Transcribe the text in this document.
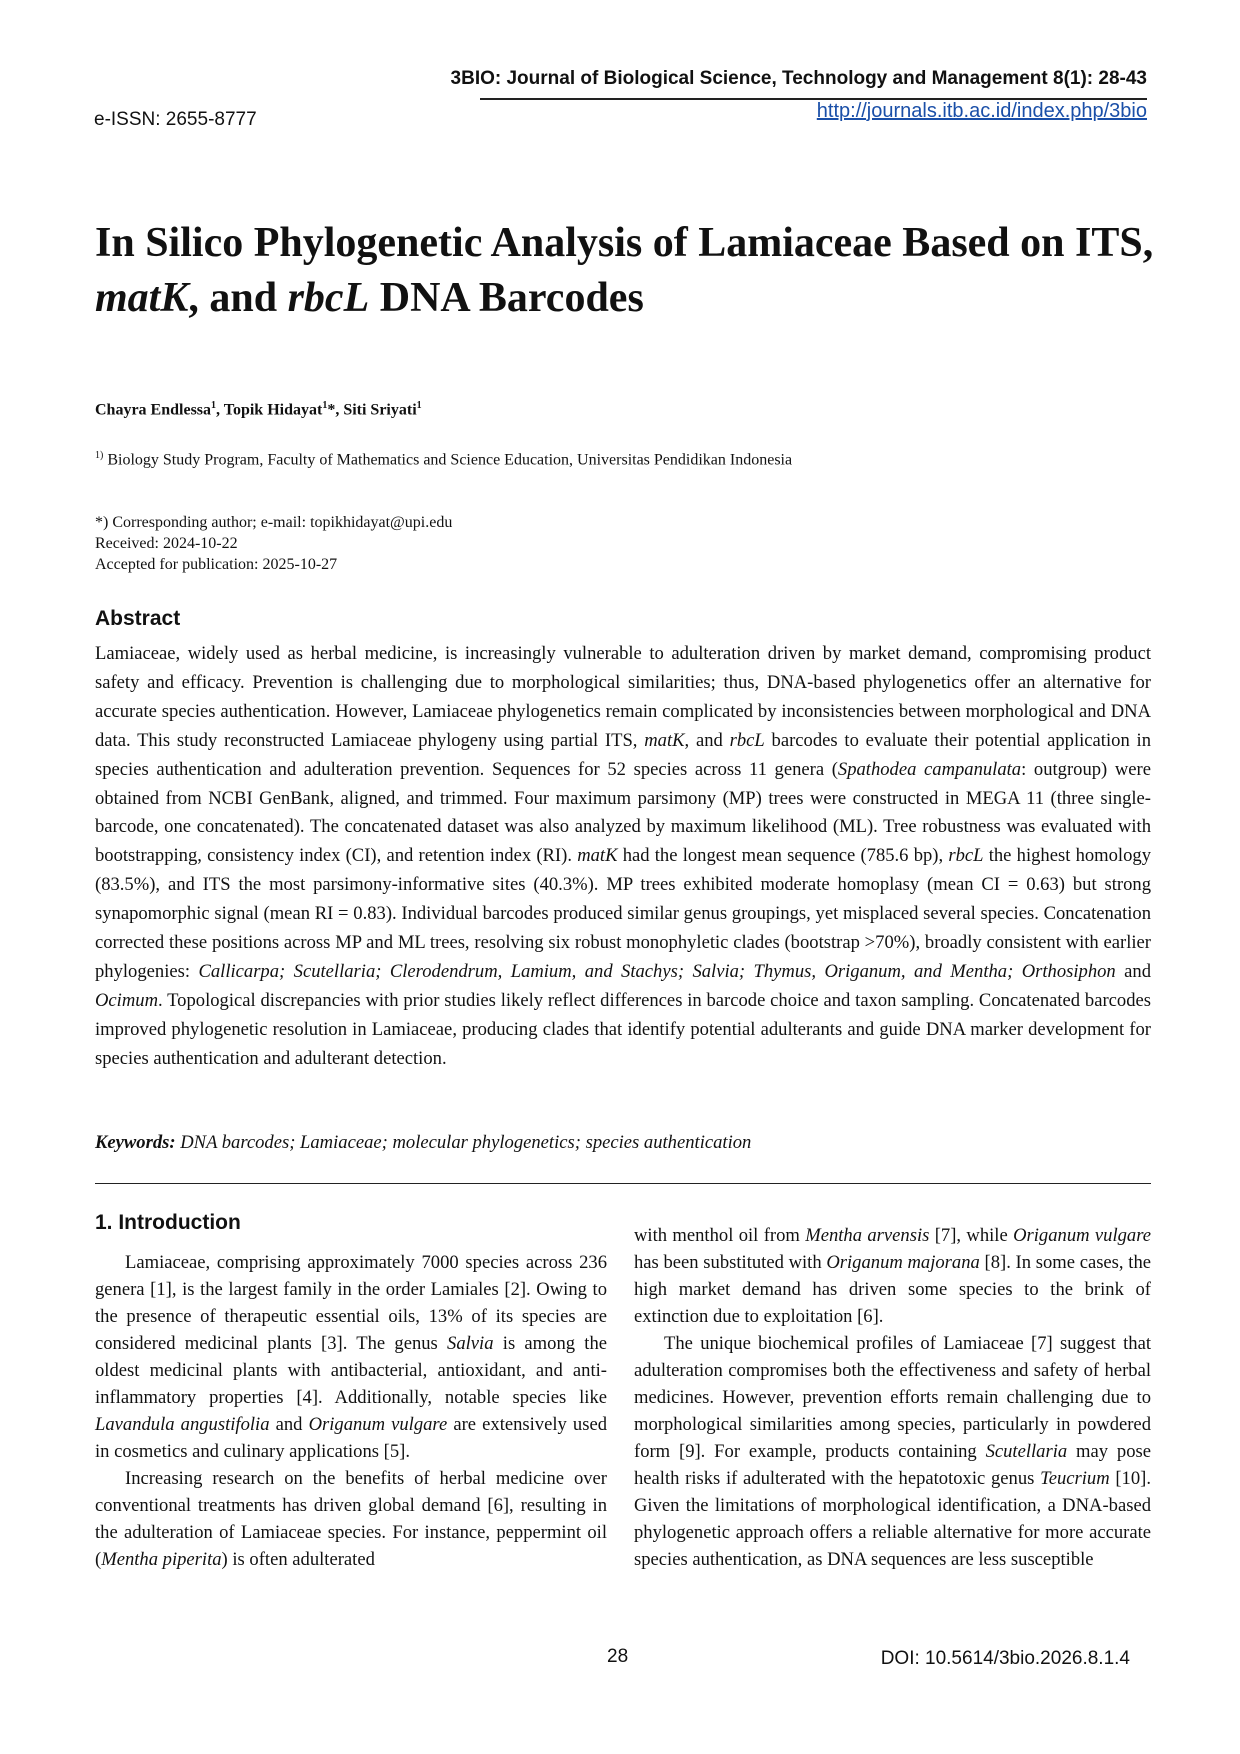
3BIO: Journal of Biological Science, Technology and Management 8(1): 28-43
e-ISSN: 2655-8777	http://journals.itb.ac.id/index.php/3bio
In Silico Phylogenetic Analysis of Lamiaceae Based on ITS, matK, and rbcL DNA Barcodes
Chayra Endlessa$^1$, Topik Hidayat$^1$*, Siti Sriyati$^1$
$^{1)}$ Biology Study Program, Faculty of Mathematics and Science Education, Universitas Pendidikan Indonesia
*) Corresponding author; e-mail: topikhidayat@upi.edu
Received: 2024-10-22
Accepted for publication: 2025-10-27
Abstract

Lamiaceae, widely used as herbal medicine, is increasingly vulnerable to adulteration driven by market demand, compromising product safety and efficacy. Prevention is challenging due to morphological similarities; thus, DNA-based phylogenetics offer an alternative for accurate species authentication. However, Lamiaceae phylogenetics remain complicated by inconsistencies between morphological and DNA data. This study reconstructed Lamiaceae phylogeny using partial ITS, matK, and rbcL barcodes to evaluate their potential application in species authentication and adulteration prevention. Sequences for 52 species across 11 genera (Spathodea campanulata: outgroup) were obtained from NCBI GenBank, aligned, and trimmed. Four maximum parsimony (MP) trees were constructed in MEGA 11 (three single-barcode, one concatenated). The concatenated dataset was also analyzed by maximum likelihood (ML). Tree robustness was evaluated with bootstrapping, consistency index (CI), and retention index (RI). matK had the longest mean sequence (785.6 bp), rbcL the highest homology (83.5%), and ITS the most parsimony-informative sites (40.3%). MP trees exhibited moderate homoplasy (mean CI = 0.63) but strong synapomorphic signal (mean RI = 0.83). Individual barcodes produced similar genus groupings, yet misplaced several species. Concatenation corrected these positions across MP and ML trees, resolving six robust monophyletic clades (bootstrap >70%), broadly consistent with earlier phylogenies: Callicarpa; Scutellaria; Clerodendrum, Lamium, and Stachys; Salvia; Thymus, Origanum, and Mentha; Orthosiphon and Ocimum. Topological discrepancies with prior studies likely reflect differences in barcode choice and taxon sampling. Concatenated barcodes improved phylogenetic resolution in Lamiaceae, producing clades that identify potential adulterants and guide DNA marker development for species authentication and adulterant detection.

Keywords: DNA barcodes; Lamiaceae; molecular phylogenetics; species authentication

1. Introduction

Lamiaceae, comprising approximately 7000 species across 236 genera [1], is the largest family in the order Lamiales [2]. Owing to the presence of therapeutic essential oils, 13% of its species are considered medicinal plants [3]. The genus Salvia is among the oldest medicinal plants with antibacterial, antioxidant, and anti-inflammatory properties [4]. Additionally, notable species like Lavandula angustifolia and Origanum vulgare are extensively used in cosmetics and culinary applications [5].

Increasing research on the benefits of herbal medicine over conventional treatments has driven global demand [6], resulting in the adulteration of Lamiaceae species. For instance, peppermint oil (Mentha piperita) is often adulterated

with menthol oil from Mentha arvensis [7], while Origanum vulgare has been substituted with Origanum majorana [8]. In some cases, the high market demand has driven some species to the brink of extinction due to exploitation [6].

The unique biochemical profiles of Lamiaceae [7] suggest that adulteration compromises both the effectiveness and safety of herbal medicines. However, prevention efforts remain challenging due to morphological similarities among species, particularly in powdered form [9]. For example, products containing Scutellaria may pose health risks if adulterated with the hepatotoxic genus Teucrium [10]. Given the limitations of morphological identification, a DNA-based phylogenetic approach offers a reliable alternative for more accurate species authentication, as DNA sequences are less susceptible

28	DOI: 10.5614/3bio.2026.8.1.4
